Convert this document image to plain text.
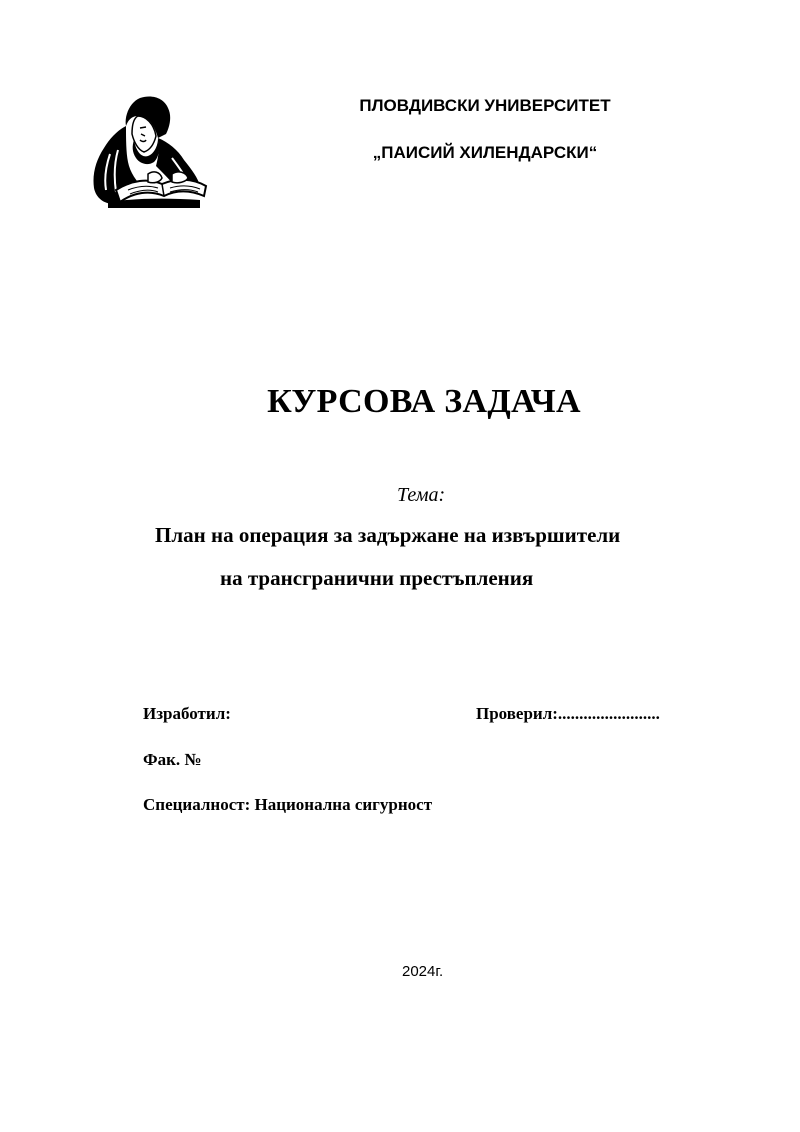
ПЛОВДИВСКИ УНИВЕРСИТЕТ
„ПАИСИЙ ХИЛЕНДАРСКИ“
КУРСОВА ЗАДАЧА
Тема:
План на операция за задържане на извършители
на трансгранични престъпления
Изработил:	Проверил:........................
Фак. №
Специалност: Национална сигурност
2024г.
